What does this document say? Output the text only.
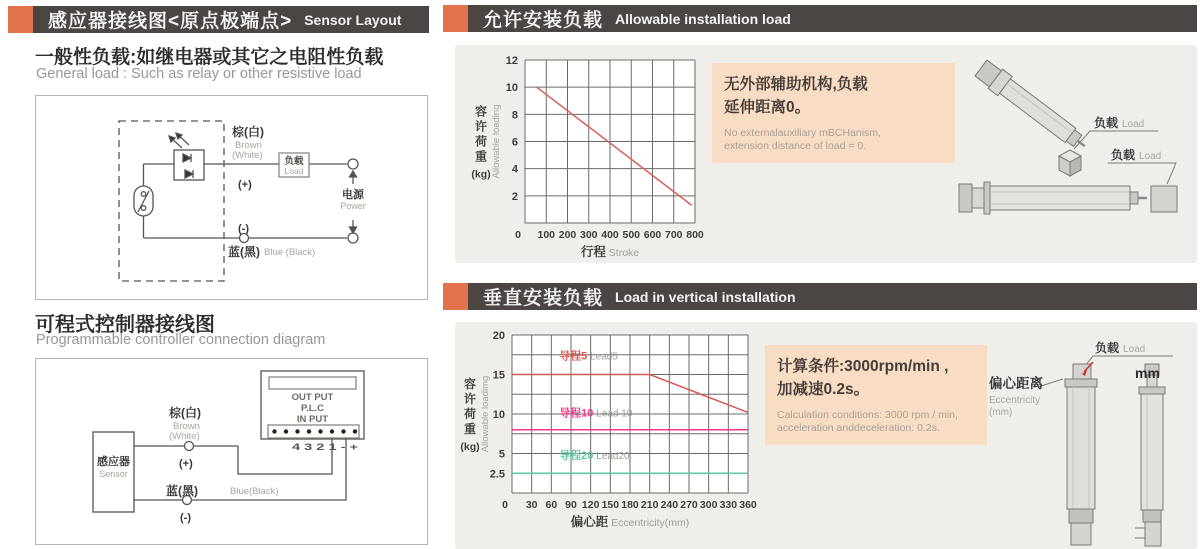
感应器接线图<原点极端点> Sensor Layout
一般性负载:如继电器或其它之电阻性负载
General load : Such as relay or other resistive load
棕(白)
Brown
(White)
(+)
负载
Load
电源
Power
(-)
蓝(黑) Blue (Black)
可程式控制器接线图
Programmable controller connection diagram
OUT PUT
P.L.C
IN PUT
4 3 2 1 - +
感应器
Sensor
棕(白)
Brown
(White)
(+)
蓝(黑)	Blue(Black)
(-)
允许安装负载 Allowable installation load
0 100 200 300 400 500 600 700 800
2
4
6
8
10
12
行程 Stroke
容
许
荷
重
(kg) Allowable loading
无外部辅助机构,负载
延伸距离0。
No externalauxiliary mBCHanism,
extension distance of load = 0.
负载 Load
负载 Load
垂直安装负载 Load in vertical installation
导程5 Lead5
导程10 Lead 10
导程20 Lead20
0 30 60 90 120 150 180 210 240 270 300 330 360
2.5
5
10
15
20
偏心距 Eccentricity(mm)
容
许
荷
重
(kg) Allowable loadimg
计算条件:3000rpm/min ,
加减速0.2s。
Calculation conditions: 3000 rpm / min,
acceleration anddeceleration: 0.2s.
负载 Load
mm
偏心距离
Eccentricity
(mm)
